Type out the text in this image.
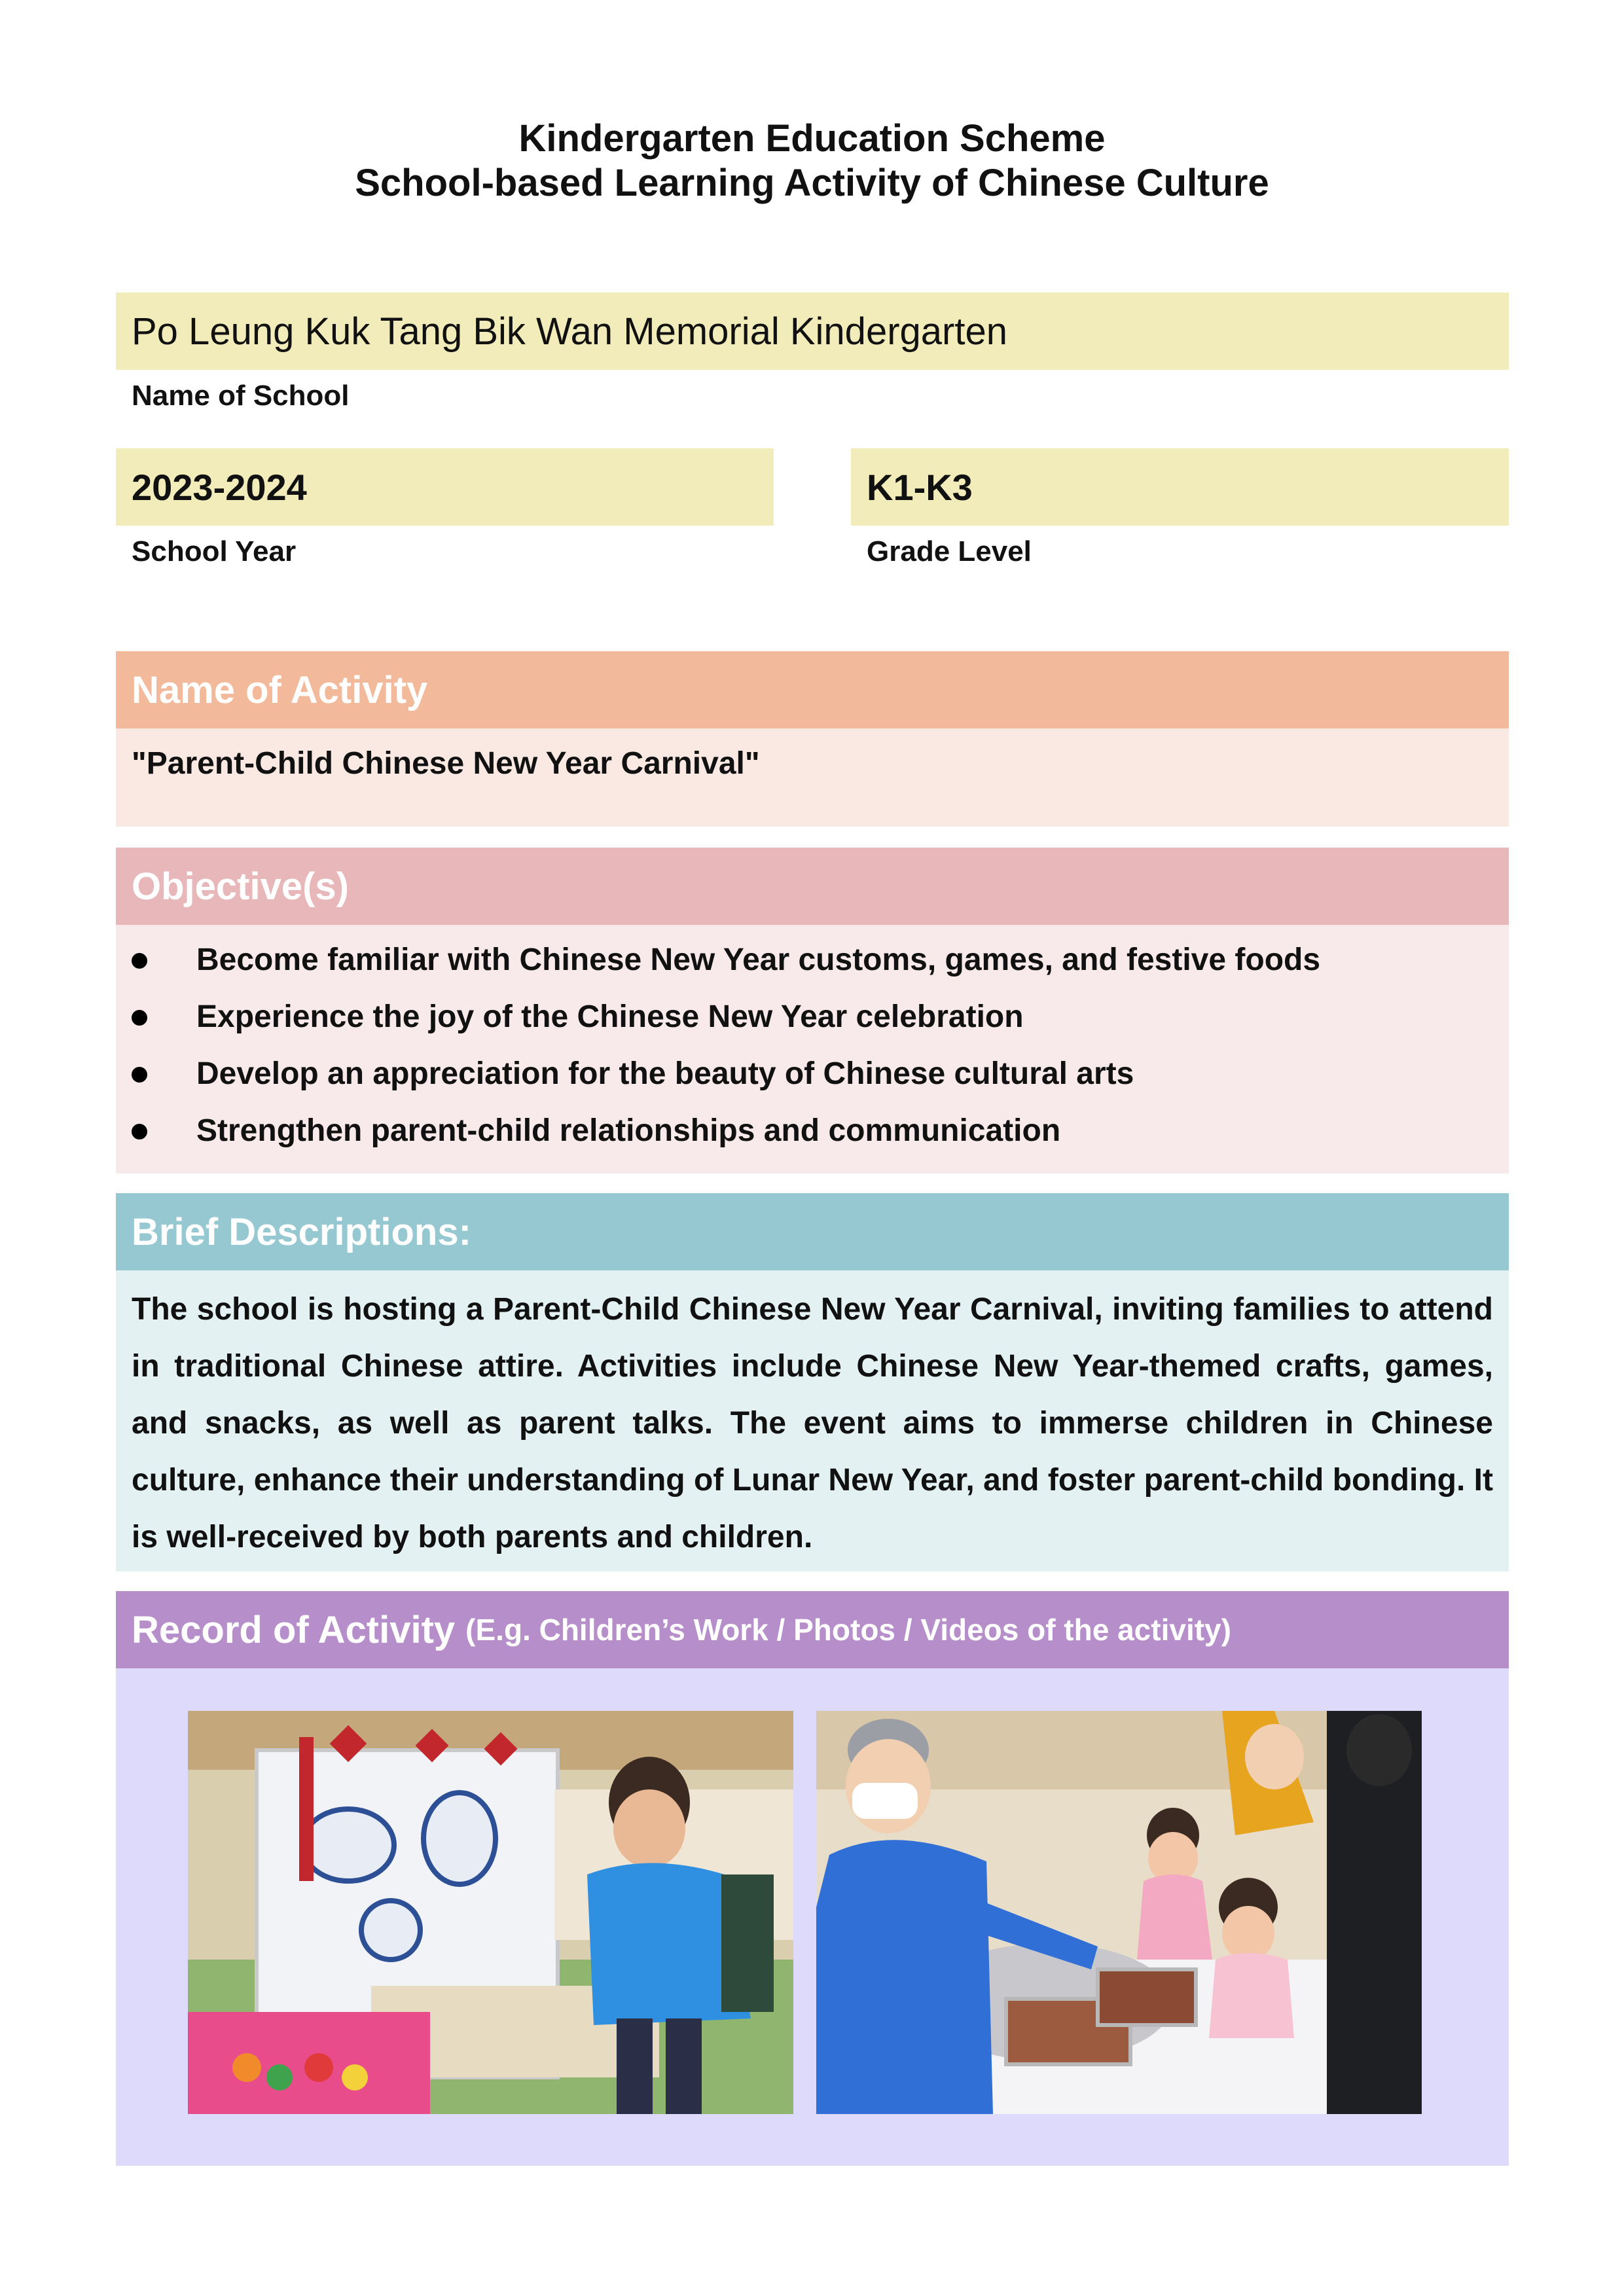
Kindergarten Education Scheme
School-based Learning Activity of Chinese Culture
Po Leung Kuk Tang Bik Wan Memorial Kindergarten
Name of School
2023-2024
School Year
K1-K3
Grade Level
Name of Activity
"Parent-Child Chinese New Year Carnival"
Objective(s)
Become familiar with Chinese New Year customs, games, and festive foods
Experience the joy of the Chinese New Year celebration
Develop an appreciation for the beauty of Chinese cultural arts
Strengthen parent-child relationships and communication
Brief Descriptions:
The school is hosting a Parent-Child Chinese New Year Carnival, inviting families to attend in traditional Chinese attire. Activities include Chinese New Year-themed crafts, games, and snacks, as well as parent talks. The event aims to immerse children in Chinese culture, enhance their understanding of Lunar New Year, and foster parent-child bonding. It is well-received by both parents and children.
Record of Activity (E.g. Children’s Work / Photos / Videos of the activity)
